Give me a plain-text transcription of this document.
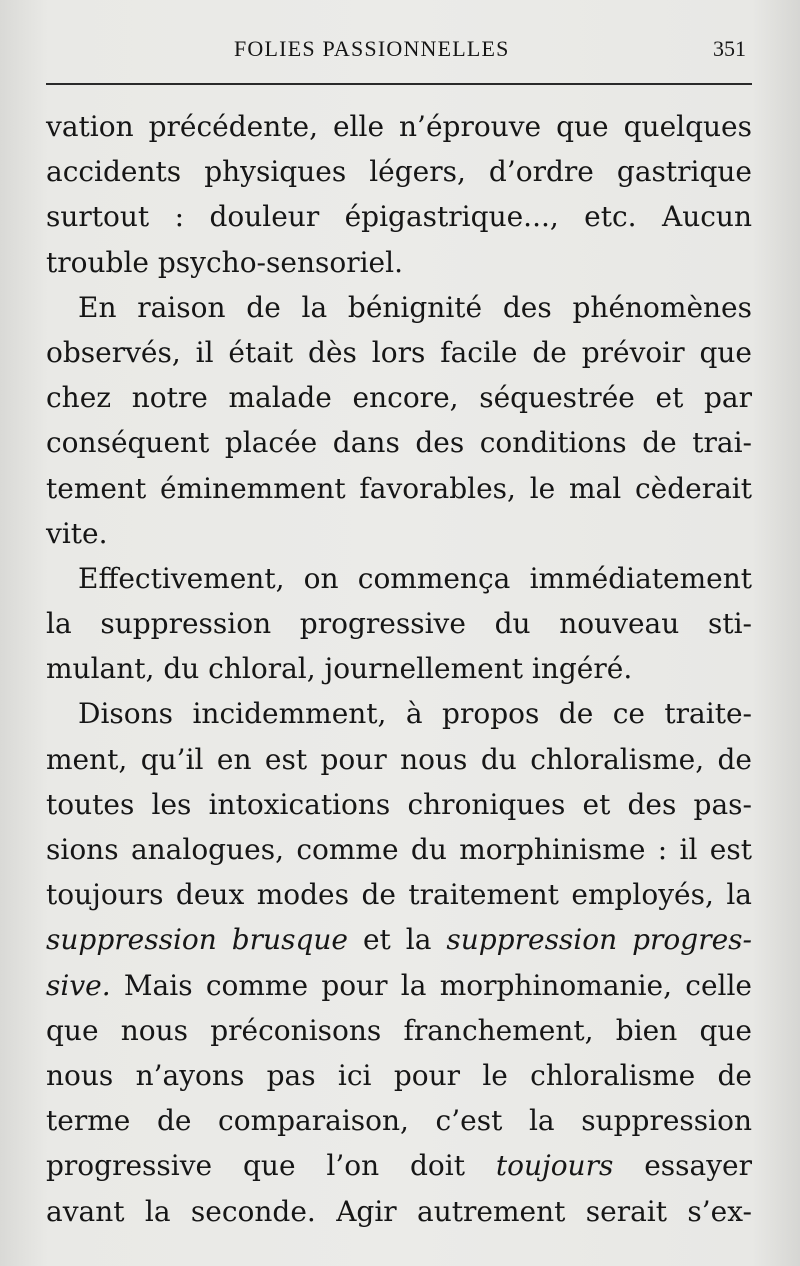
FOLIES PASSIONNELLES	351
vation précédente, elle n’éprouve que quelques
accidents physiques légers, d’ordre gastrique
surtout : douleur épigastrique..., etc. Aucun
trouble psycho-sensoriel.
En raison de la bénignité des phénomènes
observés, il était dès lors facile de prévoir que
chez notre malade encore, séquestrée et par
conséquent placée dans des conditions de trai-
tement éminemment favorables, le mal cèderait
vite.
Effectivement, on commença immédiatement
la suppression progressive du nouveau sti-
mulant, du chloral, journellement ingéré.
Disons incidemment, à propos de ce traite-
ment, qu’il en est pour nous du chloralisme, de
toutes les intoxications chroniques et des pas-
sions analogues, comme du morphinisme : il est
toujours deux modes de traitement employés, la
suppression brusque et la suppression progres-
sive. Mais comme pour la morphinomanie, celle
que nous préconisons franchement, bien que
nous n’ayons pas ici pour le chloralisme de
terme de comparaison, c’est la suppression
progressive que l’on doit toujours essayer
avant la seconde. Agir autrement serait s’ex-
